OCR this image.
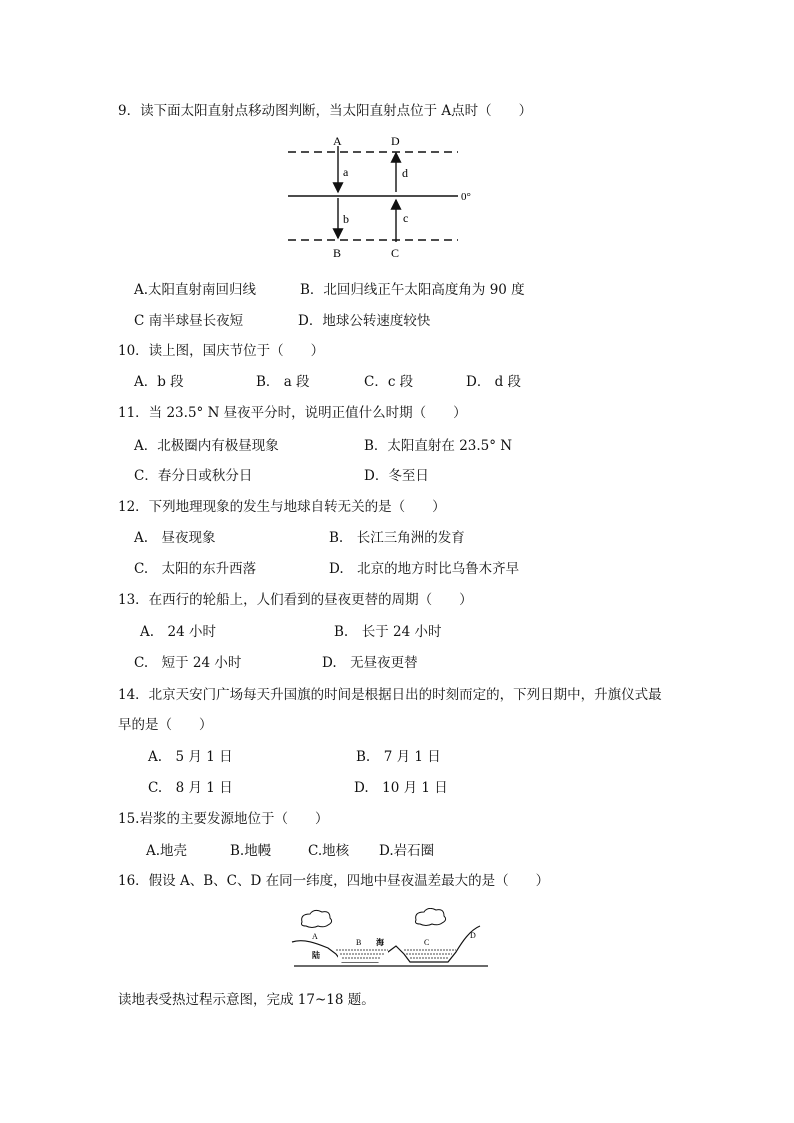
9．读下面太阳直射点移动图判断，当太阳直射点位于 A点时（　　）
A	D
a	d
b	c
0°
B	C
A.太阳直射南回归线	B．北回归线正午太阳高度角为 90 度
C 南半球昼长夜短	D．地球公转速度较快
10．读上图，国庆节位于（　　）
A．b 段	B． a 段	C．c 段	D． d 段
11．当 23.5° N 昼夜平分时，说明正值什么时期（　　）
A．北极圈内有极昼现象	B．太阳直射在 23.5° N
C．春分日或秋分日	D．冬至日
12．下列地理现象的发生与地球自转无关的是（　　）
A.　昼夜现象	B.　长江三角洲的发育
C.　太阳的东升西落	D.　北京的地方时比乌鲁木齐早
13．在西行的轮船上，人们看到的昼夜更替的周期（　　）
A.　24 小时	B.　长于 24 小时
C.　短于 24 小时	D.　无昼夜更替
14．北京天安门广场每天升国旗的时间是根据日出的时刻而定的，下列日期中，升旗仪式最
早的是（　　）
A.　5 月 1 日	B.　7 月 1 日
C.　8 月 1 日	D.　10 月 1 日
15.岩浆的主要发源地位于（　　）
A.地壳	B.地幔	C.地核 D.岩石圈
16．假设 A、B、C、D 在同一纬度，四地中昼夜温差最大的是（　　）
A
B 海	C
D
陆
读地表受热过程示意图，完成 17~18 题。
